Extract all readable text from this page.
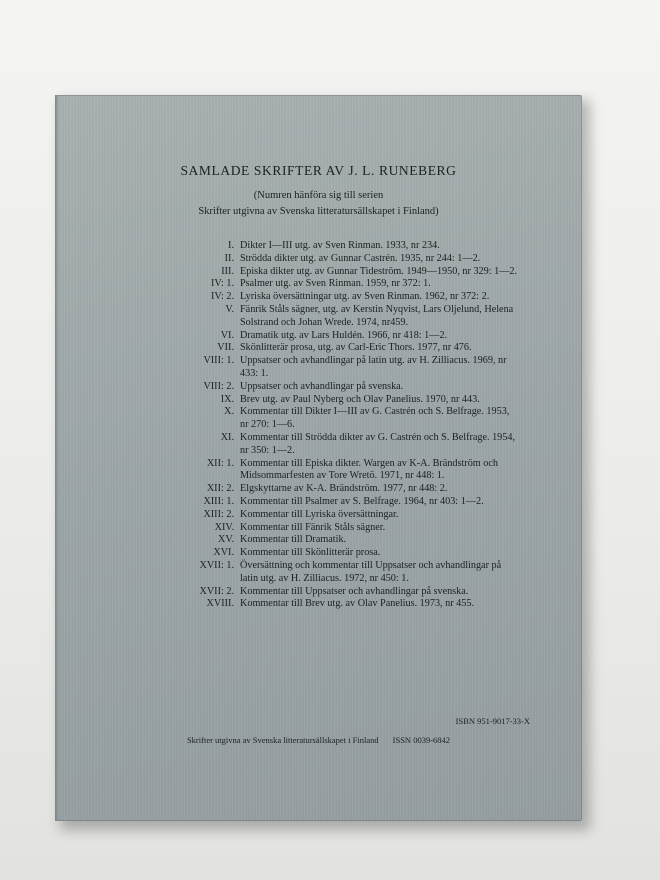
SAMLADE SKRIFTER AV J. L. RUNEBERG
(Numren hänföra sig till serien
Skrifter utgivna av Svenska litteratursällskapet i Finland)
I. Dikter I—III utg. av Sven Rinman. 1933, nr 234.
II. Strödda dikter utg. av Gunnar Castrén. 1935, nr 244: 1—2.
III. Episka dikter utg. av Gunnar Tideström. 1949—1950, nr 329: 1—2.
IV: 1. Psalmer utg. av Sven Rinman. 1959, nr 372: 1.
IV: 2. Lyriska översättningar utg. av Sven Rinman. 1962, nr 372: 2.
V. Fänrik Ståls sägner, utg. av Kerstin Nyqvist, Lars Oljelund, Helena Solstrand och Johan Wrede. 1974, nr459.
VI. Dramatik utg. av Lars Huldén. 1966, nr 418: 1—2.
VII. Skönlitterär prosa, utg. av Carl-Eric Thors. 1977, nr 476.
VIII: 1. Uppsatser och avhandlingar på latin utg. av H. Zilliacus. 1969, nr 433: 1.
VIII: 2. Uppsatser och avhandlingar på svenska.
IX. Brev utg. av Paul Nyberg och Olav Panelius. 1970, nr 443.
X. Kommentar till Dikter I—III av G. Castrén och S. Belfrage. 1953, nr 270: 1—6.
XI. Kommentar till Strödda dikter av G. Castrén och S. Belfrage. 1954, nr 350: 1—2.
XII: 1. Kommentar till Episka dikter. Wargen av K-A. Brändström och Midsommarfesten av Tore Wretö. 1971, nr 448: 1.
XII: 2. Elgskyttarne av K-A. Brändström. 1977, nr 448: 2.
XIII: 1. Kommentar till Psalmer av S. Belfrage. 1964, nr 403: 1—2.
XIII: 2. Kommentar till Lyriska översättningar.
XIV. Kommentar till Fänrik Ståls sägner.
XV. Kommentar till Dramatik.
XVI. Kommentar till Skönlitterär prosa.
XVII: 1. Översättning och kommentar till Uppsatser och avhandlingar på latin utg. av H. Zilliacus. 1972, nr 450: 1.
XVII: 2. Kommentar till Uppsatser och avhandlingar på svenska.
XVIII. Kommentar till Brev utg. av Olav Panelius. 1973, nr 455.
ISBN 951-9017-33-X
Skrifter utgivna av Svenska litteratursällskapet i Finland ISSN 0039-6842
